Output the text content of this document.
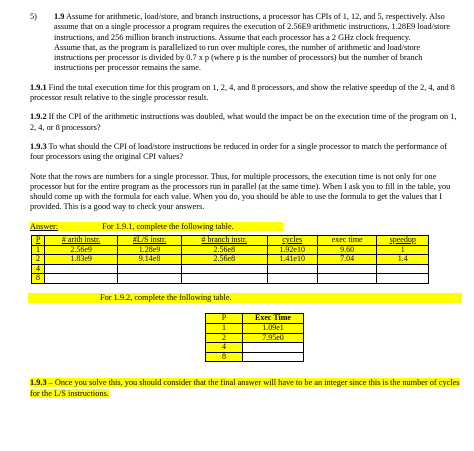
5) 1.9 Assume for arithmetic, load/store, and branch instructions, a processor has CPIs of 1, 12, and 5, respectively. Also assume that on a single processor a program requires the execution of 2.56E9 arithmetic instructions, 1.28E9 load/store instructions, and 256 million branch instructions. Assume that each processor has a 2 GHz clock frequency.

Assume that, as the program is parallelized to run over multiple cores, the number of arithmetic and load/store instructions per processor is divided by 0.7 x p (where p is the number of processors) but the number of branch instructions per processor remains the same.

1.9.1 Find the total execution time for this program on 1, 2, 4, and 8 processors, and show the relative speedup of the 2, 4, and 8 processor result relative to the single processor result.

1.9.2 If the CPI of the arithmetic instructions was doubled, what would the impact be on the execution time of the program on 1, 2, 4, or 8 processors?

1.9.3 To what should the CPI of load/store instructions be reduced in order for a single processor to match the performance of four processors using the original CPI values?

Note that the rows are numbers for a single processor. Thus, for multiple processors, the execution time is not only for one processor but for the entire program as the processors run in parallel (at the same time). When I ask you to fill in the table, you should come up with the formula for each value. When you do, you should be able to use the formula to get the values that I provided. This is a good way to check your answers.

Answer:	For 1.9.1, complete the following table.
P	# arith instr.	#L/S instr.	# branch instr.	cycles	exec time	speedup
1	2.56e9	1.28e9	2.56e8	1.92e10	9.60	1
2	1.83e9	9.14e8	2.56e8	1.41e10	7.04	1.4
4						
8						
For 1.9.2, complete the following table.
P	Exec Time
1	1.09e1
2	7.95e0
4	
8	

1.9.3 – Once you solve this, you should consider that the final answer will have to be an integer since this is the number of cycles for the L/S instructions.
